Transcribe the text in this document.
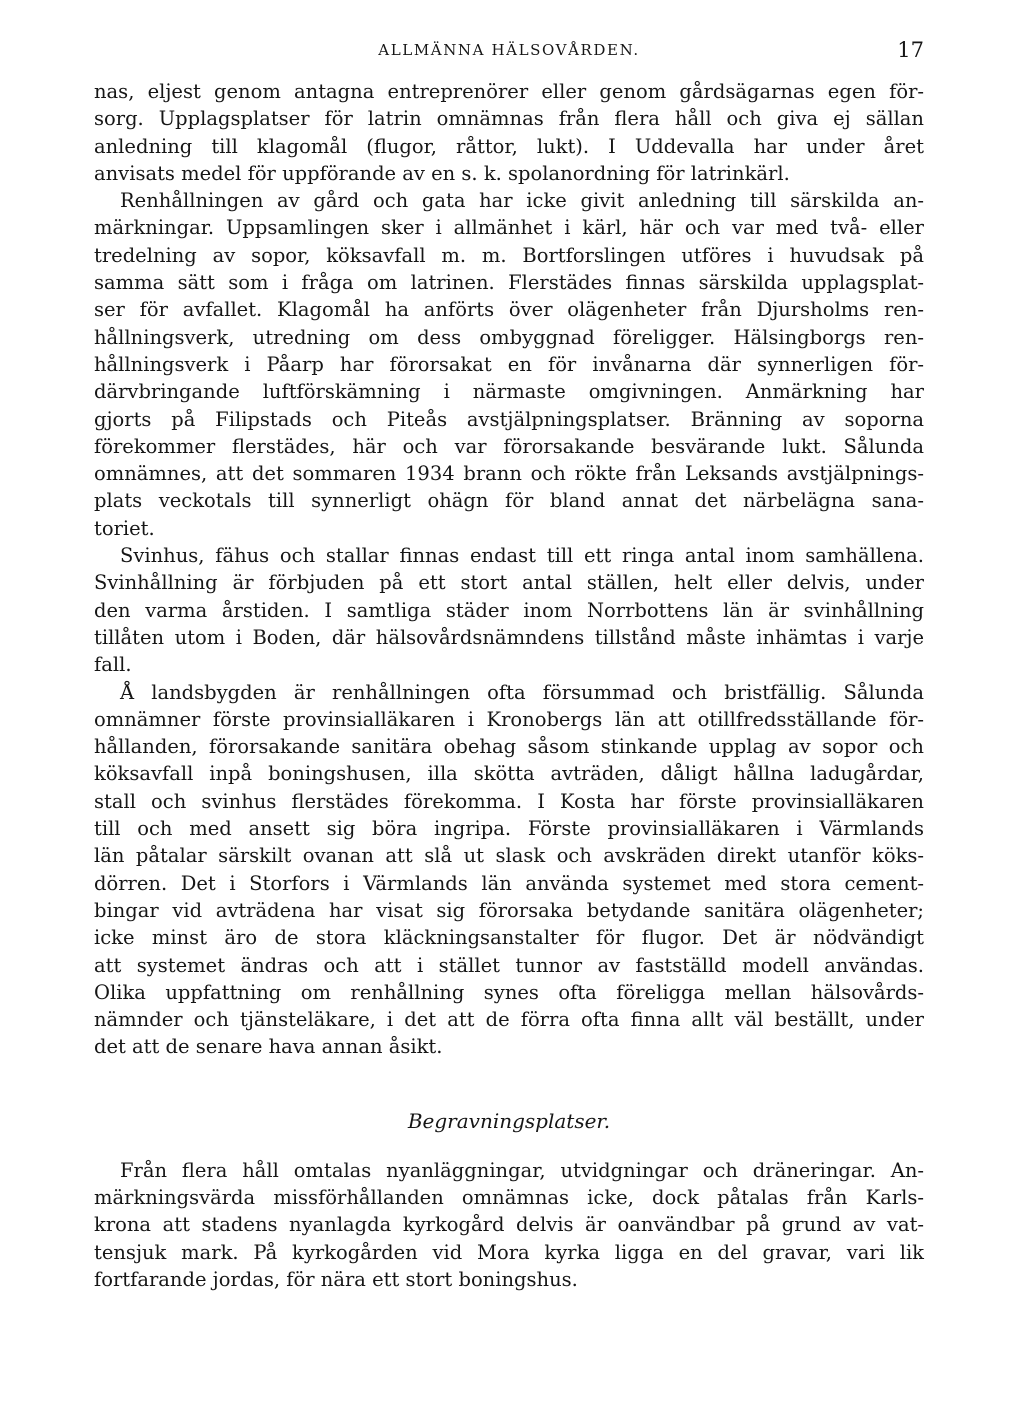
ALLMÄNNA HÄLSOVÅRDEN.	17
nas, eljest genom antagna entreprenörer eller genom gårdsägarnas egen för-
sorg. Upplagsplatser för latrin omnämnas från flera håll och giva ej sällan
anledning till klagomål (flugor, råttor, lukt). I Uddevalla har under året
anvisats medel för uppförande av en s. k. spolanordning för latrinkärl.
Renhållningen av gård och gata har icke givit anledning till särskilda an-
märkningar. Uppsamlingen sker i allmänhet i kärl, här och var med två- eller
tredelning av sopor, köksavfall m. m. Bortforslingen utföres i huvudsak på
samma sätt som i fråga om latrinen. Flerstädes finnas särskilda upplagsplat-
ser för avfallet. Klagomål ha anförts över olägenheter från Djursholms ren-
hållningsverk, utredning om dess ombyggnad föreligger. Hälsingborgs ren-
hållningsverk i Påarp har förorsakat en för invånarna där synnerligen för-
därvbringande luftförskämning i närmaste omgivningen. Anmärkning har
gjorts på Filipstads och Piteås avstjälpningsplatser. Bränning av soporna
förekommer flerstädes, här och var förorsakande besvärande lukt. Sålunda
omnämnes, att det sommaren 1934 brann och rökte från Leksands avstjälpnings-
plats veckotals till synnerligt ohägn för bland annat det närbelägna sana-
toriet.
Svinhus, fähus och stallar finnas endast till ett ringa antal inom samhällena.
Svinhållning är förbjuden på ett stort antal ställen, helt eller delvis, under
den varma årstiden. I samtliga städer inom Norrbottens län är svinhållning
tillåten utom i Boden, där hälsovårdsnämndens tillstånd måste inhämtas i varje
fall.
Å landsbygden är renhållningen ofta försummad och bristfällig. Sålunda
omnämner förste provinsialläkaren i Kronobergs län att otillfredsställande för-
hållanden, förorsakande sanitära obehag såsom stinkande upplag av sopor och
köksavfall inpå boningshusen, illa skötta avträden, dåligt hållna ladugårdar,
stall och svinhus flerstädes förekomma. I Kosta har förste provinsialläkaren
till och med ansett sig böra ingripa. Förste provinsialläkaren i Värmlands
län påtalar särskilt ovanan att slå ut slask och avskräden direkt utanför köks-
dörren. Det i Storfors i Värmlands län använda systemet med stora cement-
bingar vid avträdena har visat sig förorsaka betydande sanitära olägenheter;
icke minst äro de stora kläckningsanstalter för flugor. Det är nödvändigt
att systemet ändras och att i stället tunnor av fastställd modell användas.
Olika uppfattning om renhållning synes ofta föreligga mellan hälsovårds-
nämnder och tjänsteläkare, i det att de förra ofta finna allt väl beställt, under
det att de senare hava annan åsikt.
Begravningsplatser.
Från flera håll omtalas nyanläggningar, utvidgningar och dräneringar. An-
märkningsvärda missförhållanden omnämnas icke, dock påtalas från Karls-
krona att stadens nyanlagda kyrkogård delvis är oanvändbar på grund av vat-
tensjuk mark. På kyrkogården vid Mora kyrka ligga en del gravar, vari lik
fortfarande jordas, för nära ett stort boningshus.
